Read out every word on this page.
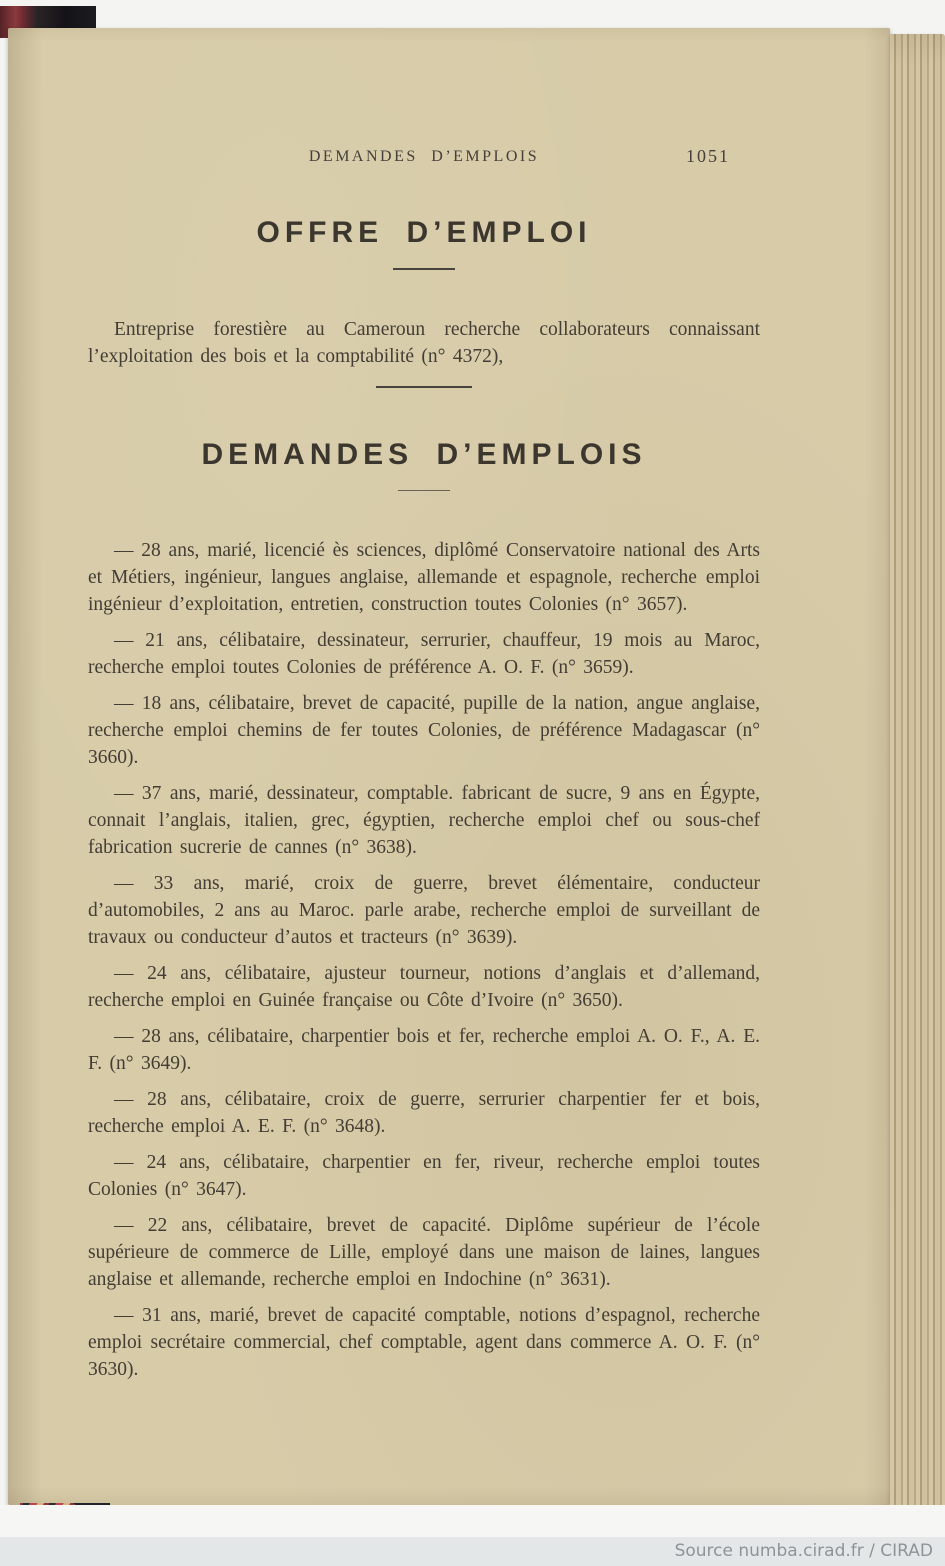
DEMANDES D’EMPLOIS	1051
OFFRE D’EMPLOI

Entreprise forestière au Cameroun recherche collaborateurs connaissant l’exploitation des bois et la comptabilité (n° 4372),

DEMANDES D’EMPLOIS

— 28 ans, marié, licencié ès sciences, diplômé Conservatoire national des Arts et Métiers, ingénieur, langues anglaise, allemande et espagnole, recherche emploi ingénieur d’exploitation, entretien, construction toutes Colonies (n° 3657).

— 21 ans, célibataire, dessinateur, serrurier, chauffeur, 19 mois au Maroc, recherche emploi toutes Colonies de préférence A. O. F. (n° 3659).

— 18 ans, célibataire, brevet de capacité, pupille de la nation, angue anglaise, recherche emploi chemins de fer toutes Colonies, de préférence Madagascar (n° 3660).

— 37 ans, marié, dessinateur, comptable. fabricant de sucre, 9 ans en Égypte, connait l’anglais, italien, grec, égyptien, recherche emploi chef ou sous-chef fabrication sucrerie de cannes (n° 3638).

— 33 ans, marié, croix de guerre, brevet élémentaire, conducteur d’automobiles, 2 ans au Maroc. parle arabe, recherche emploi de surveillant de travaux ou conducteur d’autos et tracteurs (n° 3639).

— 24 ans, célibataire, ajusteur tourneur, notions d’anglais et d’allemand, recherche emploi en Guinée française ou Côte d’Ivoire (n° 3650).

— 28 ans, célibataire, charpentier bois et fer, recherche emploi A. O. F., A. E. F. (n° 3649).

— 28 ans, célibataire, croix de guerre, serrurier charpentier fer et bois, recherche emploi A. E. F. (n° 3648).

— 24 ans, célibataire, charpentier en fer, riveur, recherche emploi toutes Colonies (n° 3647).

— 22 ans, célibataire, brevet de capacité. Diplôme supérieur de l’école supérieure de commerce de Lille, employé dans une maison de laines, langues anglaise et allemande, recherche emploi en Indochine (n° 3631).

— 31 ans, marié, brevet de capacité comptable, notions d’espagnol, recherche emploi secrétaire commercial, chef comptable, agent dans commerce A. O. F. (n° 3630).

Source numba.cirad.fr / CIRAD
